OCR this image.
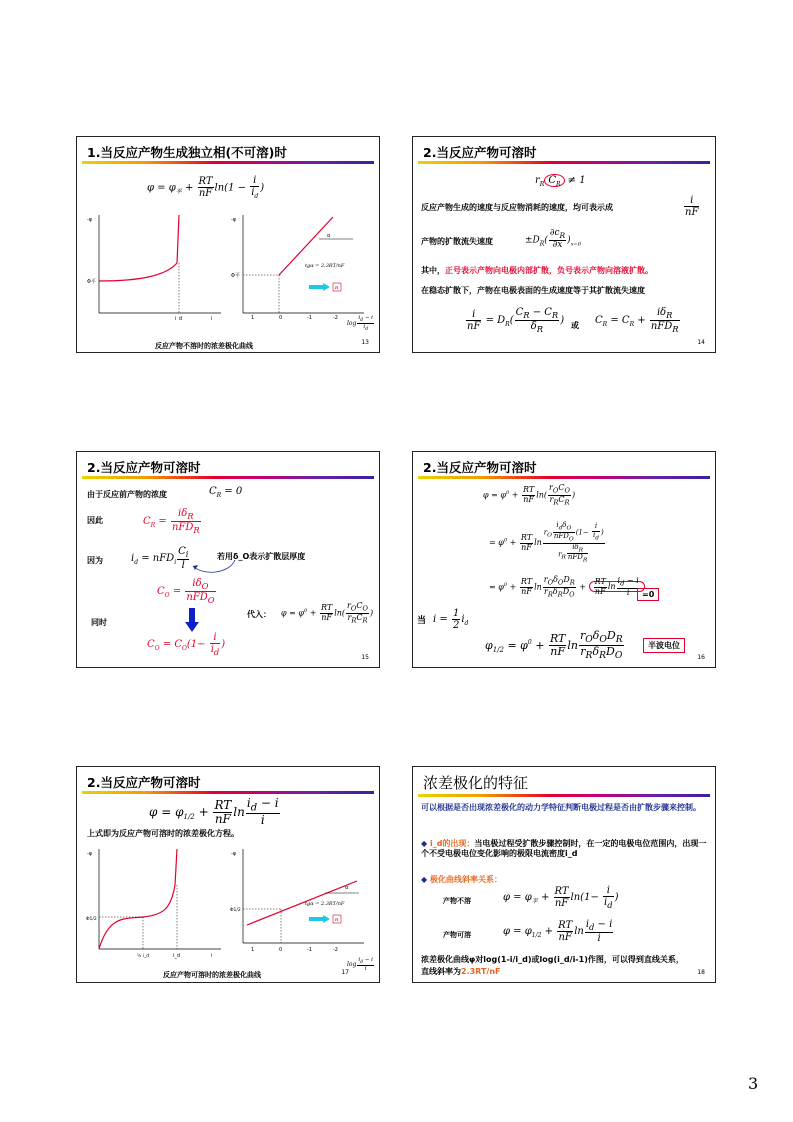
1.当反应产物生成独立相(不可溶)时
$\varphi = \varphi_平 + \frac{RT}{nF} \ln(1 - \frac{i}{i_d}$ )
-φ
Φ平
i_d	i
-φ
Φ平
α
tgα = 2.3RT/nF
n
1	0	-1	-2
$\log \frac{i_d - i}{i_d}$
反应产物不溶时的浓差极化曲线	13
2.当反应产物可溶时
$r_R$ $C_R \ne 1$
反应产物生成的速度与反应物消耗的速度，均可表示成	$\frac{i}{nF}$
产物的扩散流失速度	$\pm D_R( \frac{\partial c_R}{\partial x} )_{x=0}$
其中，正号表示产物向电极内部扩散，负号表示产物向溶液扩散。
在稳态扩散下，产物在电极表面的生成速度等于其扩散流失速度
$\frac{i}{nF} = D_R( \frac{C_R - C_R}{\delta_R}$ ) 或 $C_R = C_R + \frac{i\delta_R}{nFD_R}$
14
2.当反应产物可溶时
由于反应前产物的浓度	$C_R = 0$
因此	$C_R = \frac{i\delta_R}{nFD_R}$
因为	$i_d = nFD_i \frac{C_i}{l}$	若用δ_O表示扩散层厚度
$C_O = \frac{i\delta_O}{nFD_O}$
代入： $\varphi = \varphi^0 + \frac{RT}{nF} \ln( \frac{r_OC_O}{r_RC_R}$ )
同时
$C_O = C_O(1- \frac{i}{i_d}$ )
15
2.当反应产物可溶时
$\varphi = \varphi^0 + \frac{RT}{nF} \ln( \frac{r_OC_O}{r_RC_R}$ )
= $\varphi^0 + \frac{RT}{nF}$ $\ln \frac{r_O \frac{i_d\delta_O}{nFD_O} (1- \frac{i}{i_d} )}{r_R \frac{i\delta_R}{nFD_R}}$
= $\varphi^0 + \frac{RT}{nF}$ $\ln \frac{r_O\delta_OD_R}{r_R\delta_RD_O} + \frac{RT}{nF}$ $\ln \frac{i_d - i}{i} =0$
当 $i = \frac{1}{2} i_d$
$\varphi_{1/2} = \varphi^0 + \frac{RT}{nF}$ $\ln \frac{r_O\delta_OD_R}{r_R\delta_RD_O}$	半波电位
16
2.当反应产物可溶时
$\varphi = \varphi_{1/2} + \frac{RT}{nF}$ $\ln \frac{i_d - i}{i}$
上式即为反应产物可溶时的浓差极化方程。
-φ
Φ1/2
½ i_d	i_d	i
-φ
Φ1/2
α
tgα = 2.3RT/nF
n
1	0	-1	-2
$\log \frac{i_d - i}{i}$
反应产物可溶时的浓差极化曲线	17
浓差极化的特征
可以根据是否出现浓差极化的动力学特征判断电极过程是否由扩散步骤来控制。
◆ i_d的出现：当电极过程受扩散步骤控制时，在一定的电极电位范围内，出现一个不受电极电位变化影响的极限电流密度i_d
◆ 极化曲线斜率关系：
产物不溶	$\varphi = \varphi_平 + \frac{RT}{nF} \ln(1- \frac{i}{i_d}$ )
产物可溶	$\varphi = \varphi_{1/2} + \frac{RT}{nF}$ $\ln \frac{i_d - i}{i}$
浓差极化曲线φ对log(1-i/i_d)或log(i_d/i-1)作图，可以得到直线关系，
直线斜率为2.3RT/nF	18
3
